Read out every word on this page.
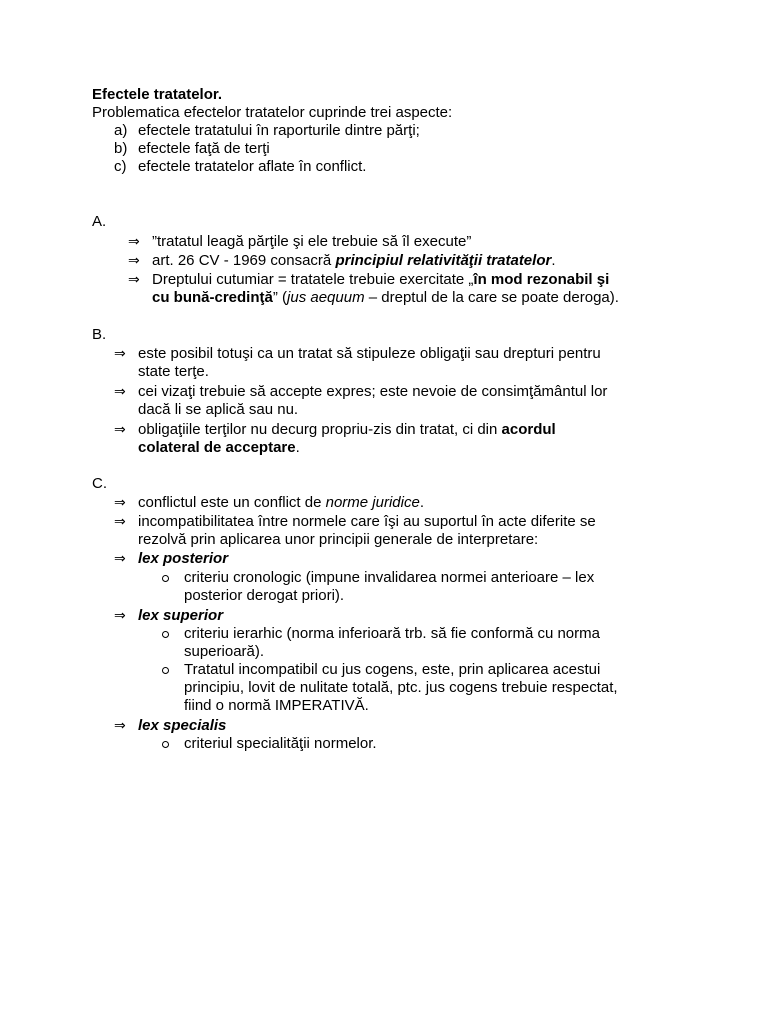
Efectele tratatelor.
Problematica efectelor tratatelor cuprinde trei aspecte:
a) efectele tratatului în raporturile dintre părţi;
b) efectele faţă de terţi
c) efectele tratatelor aflate în conflict.
A.
⇒ ”tratatul leagă părţile şi ele trebuie să îl execute”
⇒ art. 26 CV - 1969 consacră principiul relativităţii tratatelor.
⇒ Dreptului cutumiar = tratatele trebuie exercitate „în mod rezonabil şi
cu bună-credinţă” (jus aequum – dreptul de la care se poate deroga).
B.
⇒ este posibil totuşi ca un tratat să stipuleze obligaţii sau drepturi pentru
state terţe.
⇒ cei vizaţi trebuie să accepte expres; este nevoie de consimţământul lor
dacă li se aplică sau nu.
⇒ obligaţiile terţilor nu decurg propriu-zis din tratat, ci din acordul
colateral de acceptare.
C.
⇒ conflictul este un conflict de norme juridice.
⇒ incompatibilitatea între normele care îşi au suportul în acte diferite se
rezolvă prin aplicarea unor principii generale de interpretare:
⇒ lex posterior
criteriu cronologic (impune invalidarea normei anterioare – lex
posterior derogat priori).
⇒ lex superior
criteriu ierarhic (norma inferioară trb. să fie conformă cu norma
superioară).
Tratatul incompatibil cu jus cogens, este, prin aplicarea acestui
principiu, lovit de nulitate totală, ptc. jus cogens trebuie respectat,
fiind o normă IMPERATIVĂ.
⇒ lex specialis
criteriul specialităţii normelor.
